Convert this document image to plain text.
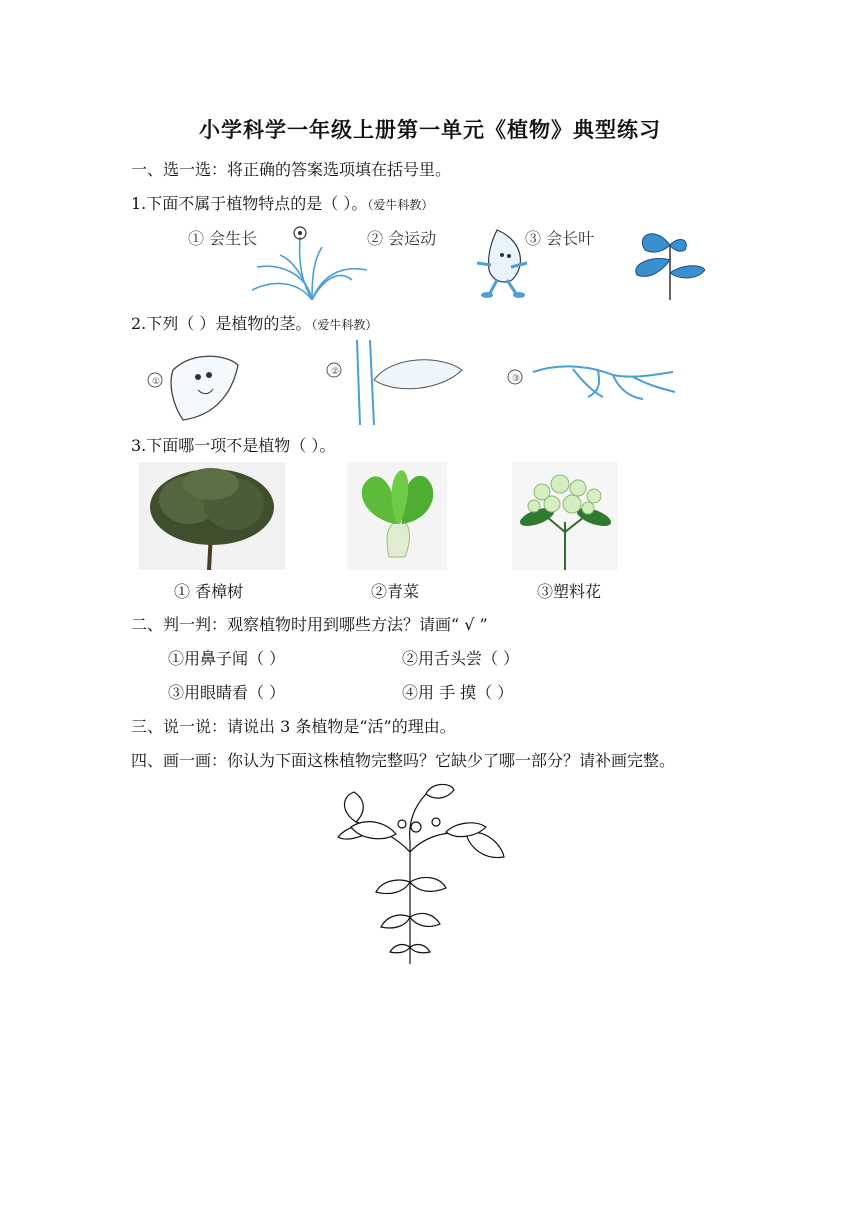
小学科学一年级上册第一单元《植物》典型练习
一、选一选：将正确的答案选项填在括号里。
1.下面不属于植物特点的是（ ）。（爱牛科教）
① 会生长	② 会运动	③ 会长叶
2.下列（ ）是植物的茎。（爱牛科教）
①
②
③
3.下面哪一项不是植物（ ）。
① 香樟树	②青菜	③塑料花
二、判一判：观察植物时用到哪些方法？请画“ √ ”
①用鼻子闻（ ）	②用舌头尝（ ）
③用眼睛看（ ）	④用 手 摸（ ）
三、说一说：请说出 3 条植物是“活”的理由。
四、画一画：你认为下面这株植物完整吗？它缺少了哪一部分？请补画完整。
